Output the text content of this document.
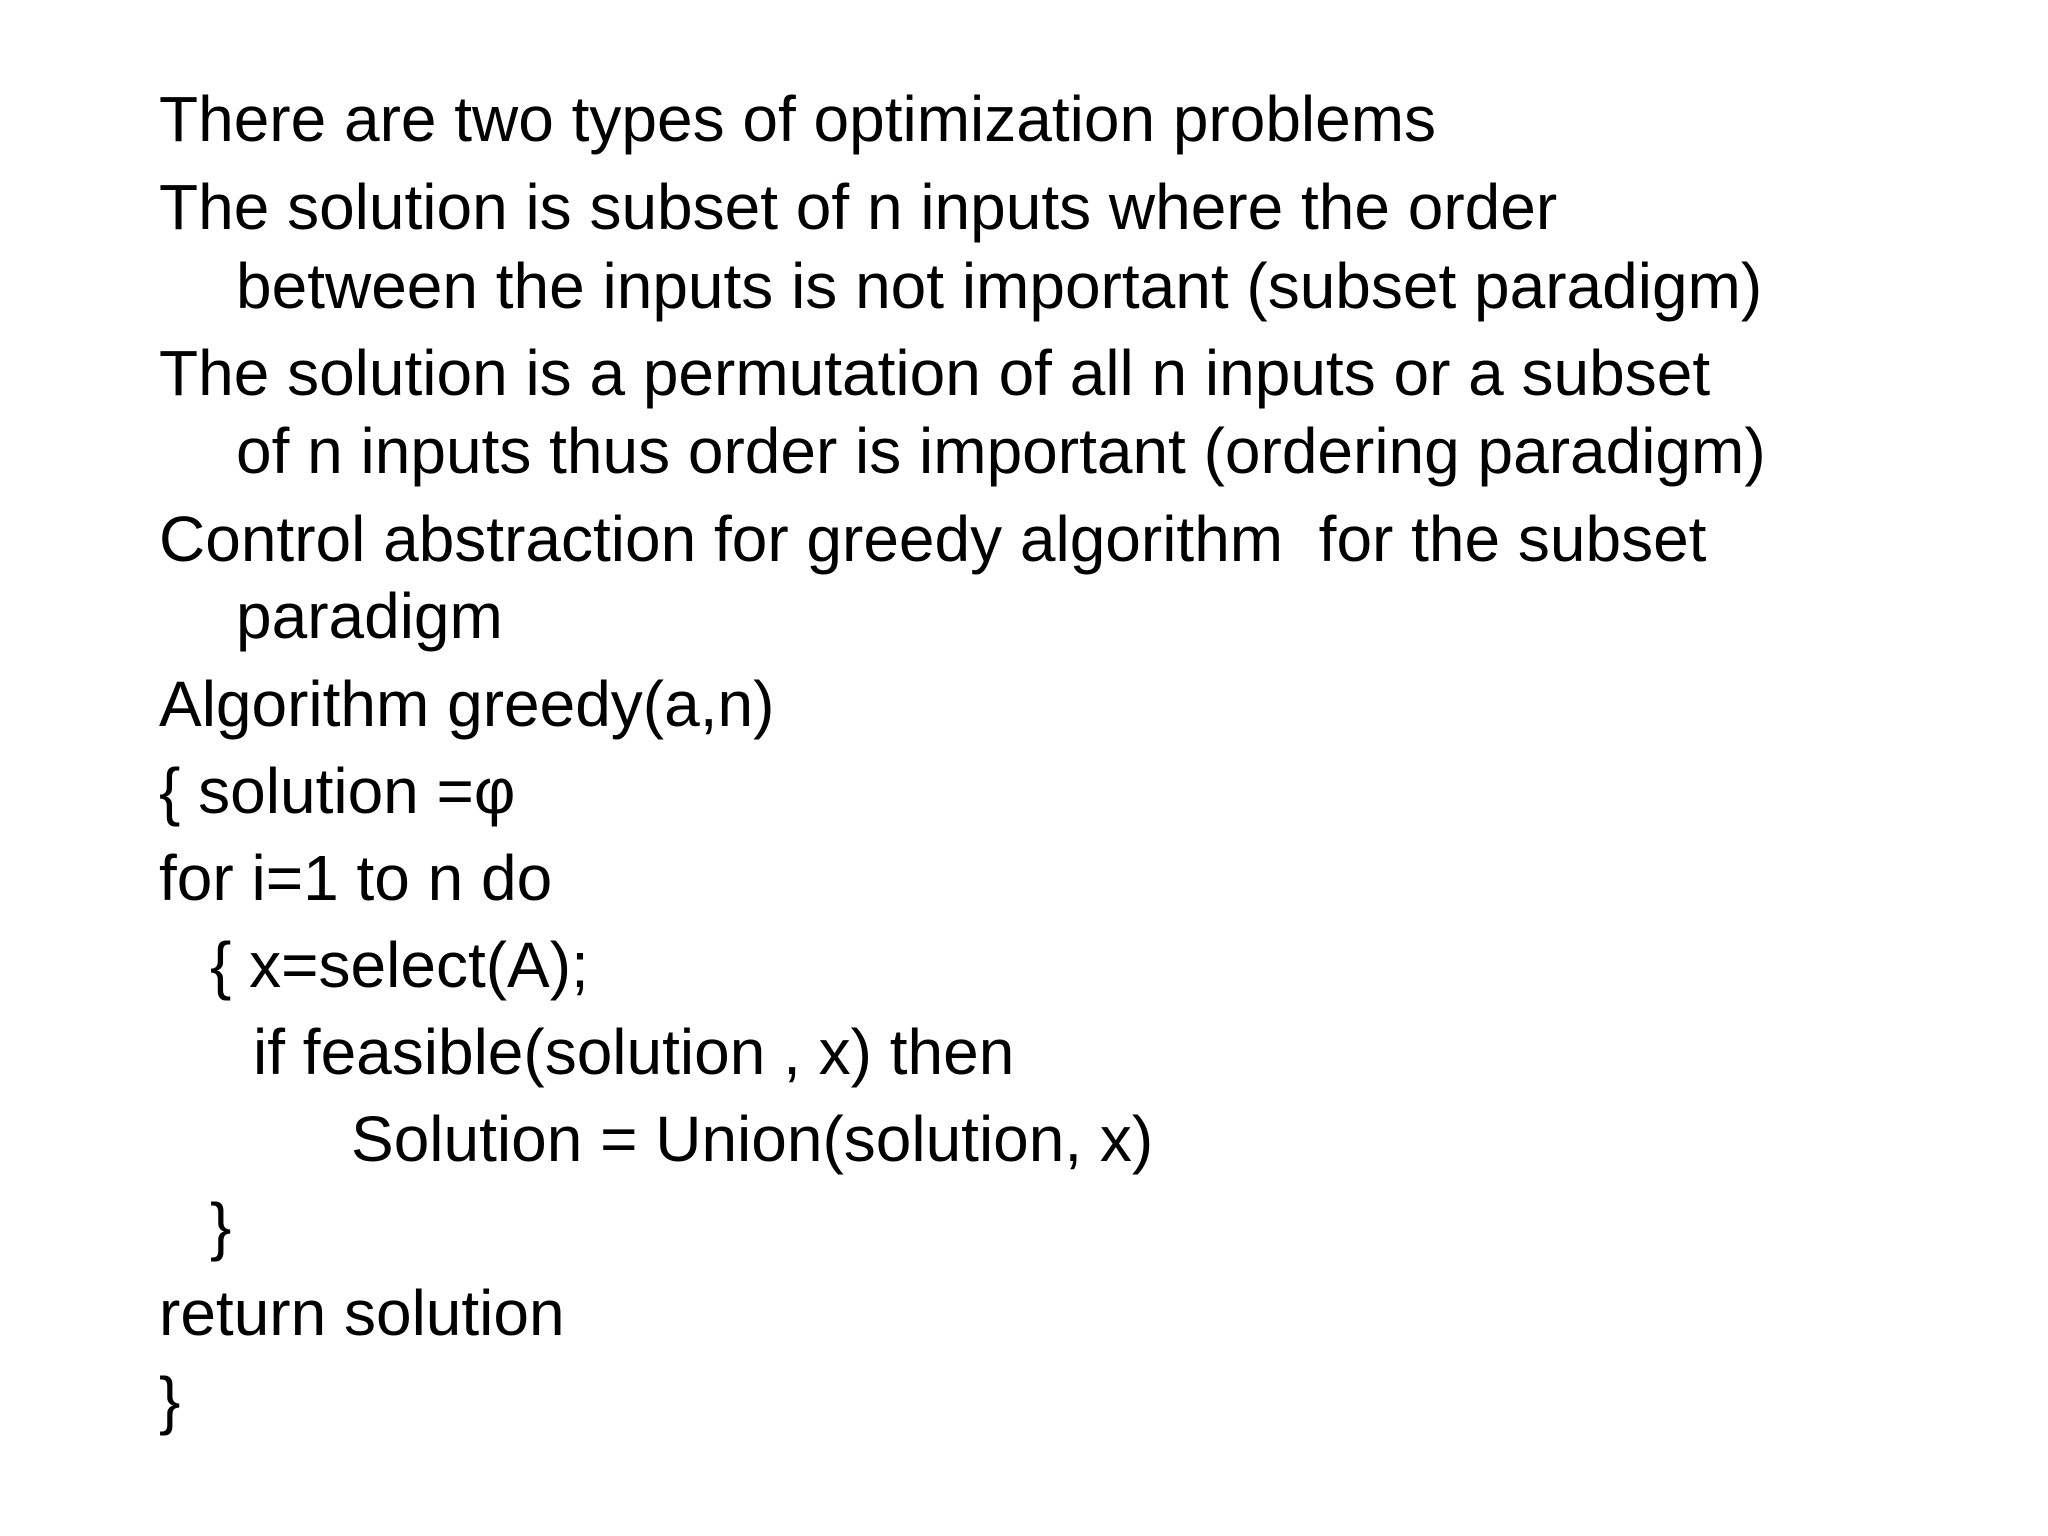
There are two types of optimization problems
The solution is subset of n inputs where the order
between the inputs is not important (subset paradigm)
The solution is a permutation of all n inputs or a subset
of n inputs thus order is important (ordering paradigm)
Control abstraction for greedy algorithm  for the subset
paradigm
Algorithm greedy(a,n)
{ solution =φ
for i=1 to n do
{ x=select(A);
if feasible(solution , x) then
Solution = Union(solution, x)
}
return solution
}
